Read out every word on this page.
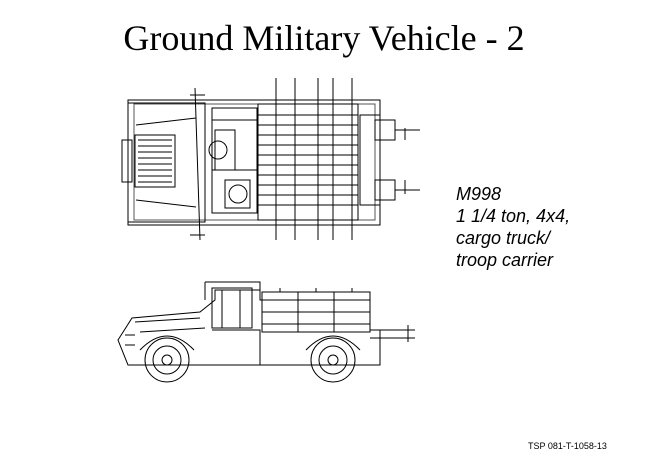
Ground Military Vehicle - 2
M998
1 1/4 ton, 4x4,
cargo truck/
troop carrier
TSP 081-T-1058-13
